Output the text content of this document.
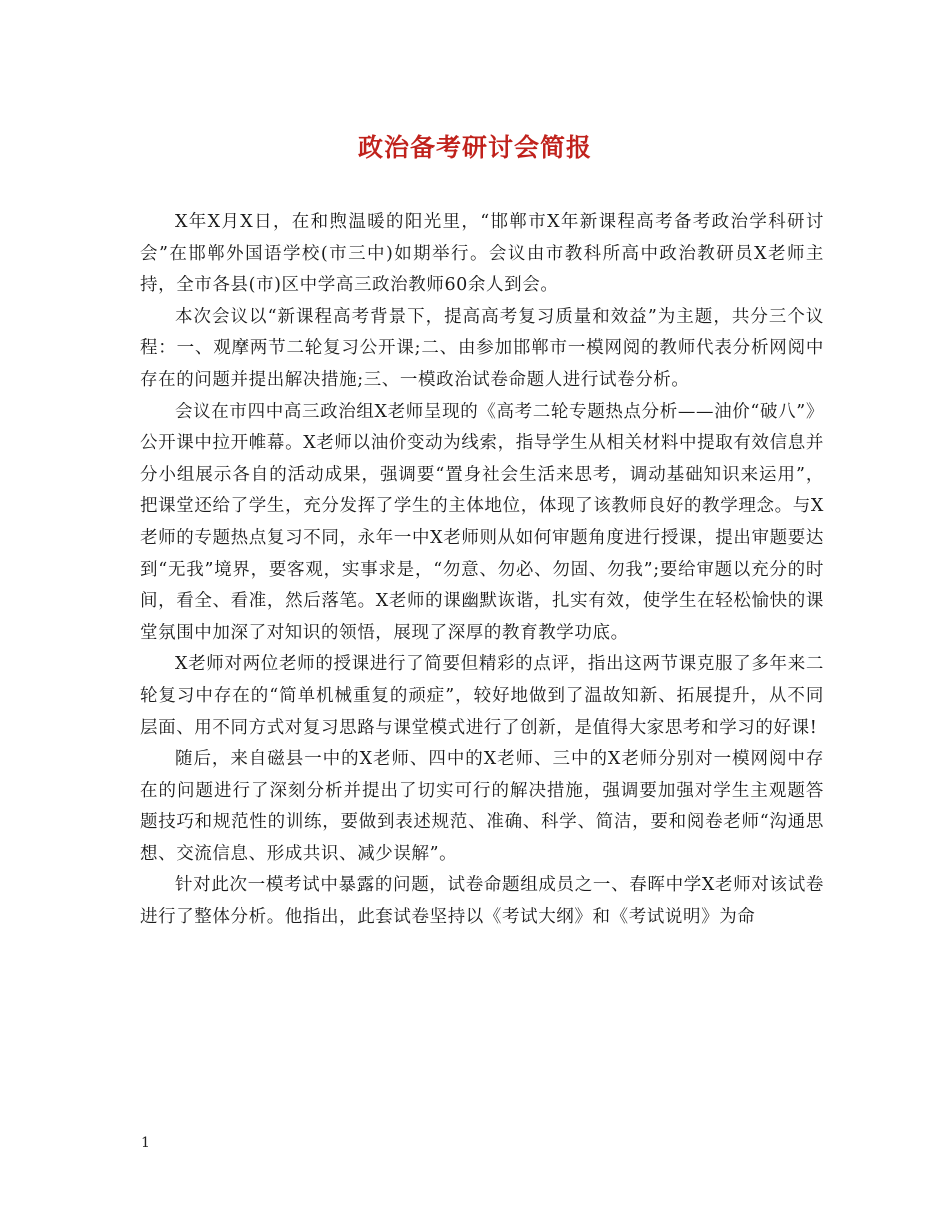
政治备考研讨会简报

X年X月X日，在和煦温暖的阳光里，“邯郸市X年新课程高考备考政治学科研讨会”在邯郸外国语学校(市三中)如期举行。会议由市教科所高中政治教研员X老师主持，全市各县(市)区中学高三政治教师60余人到会。

本次会议以“新课程高考背景下，提高高考复习质量和效益”为主题，共分三个议程：一、观摩两节二轮复习公开课;二、由参加邯郸市一模网阅的教师代表分析网阅中存在的问题并提出解决措施;三、一模政治试卷命题人进行试卷分析。

会议在市四中高三政治组X老师呈现的《高考二轮专题热点分析——油价“破八”》公开课中拉开帷幕。X老师以油价变动为线索，指导学生从相关材料中提取有效信息并分小组展示各自的活动成果，强调要“置身社会生活来思考，调动基础知识来运用”，把课堂还给了学生，充分发挥了学生的主体地位，体现了该教师良好的教学理念。与X老师的专题热点复习不同，永年一中X老师则从如何审题角度进行授课，提出审题要达到“无我”境界，要客观，实事求是，“勿意、勿必、勿固、勿我”;要给审题以充分的时间，看全、看准，然后落笔。X老师的课幽默诙谐，扎实有效，使学生在轻松愉快的课堂氛围中加深了对知识的领悟，展现了深厚的教育教学功底。

X老师对两位老师的授课进行了简要但精彩的点评，指出这两节课克服了多年来二轮复习中存在的“简单机械重复的顽症”，较好地做到了温故知新、拓展提升，从不同层面、用不同方式对复习思路与课堂模式进行了创新，是值得大家思考和学习的好课!

随后，来自磁县一中的X老师、四中的X老师、三中的X老师分别对一模网阅中存在的问题进行了深刻分析并提出了切实可行的解决措施，强调要加强对学生主观题答题技巧和规范性的训练，要做到表述规范、准确、科学、简洁，要和阅卷老师“沟通思想、交流信息、形成共识、减少误解”。

针对此次一模考试中暴露的问题，试卷命题组成员之一、春晖中学X老师对该试卷进行了整体分析。他指出，此套试卷坚持以《考试大纲》和《考试说明》为命

1
